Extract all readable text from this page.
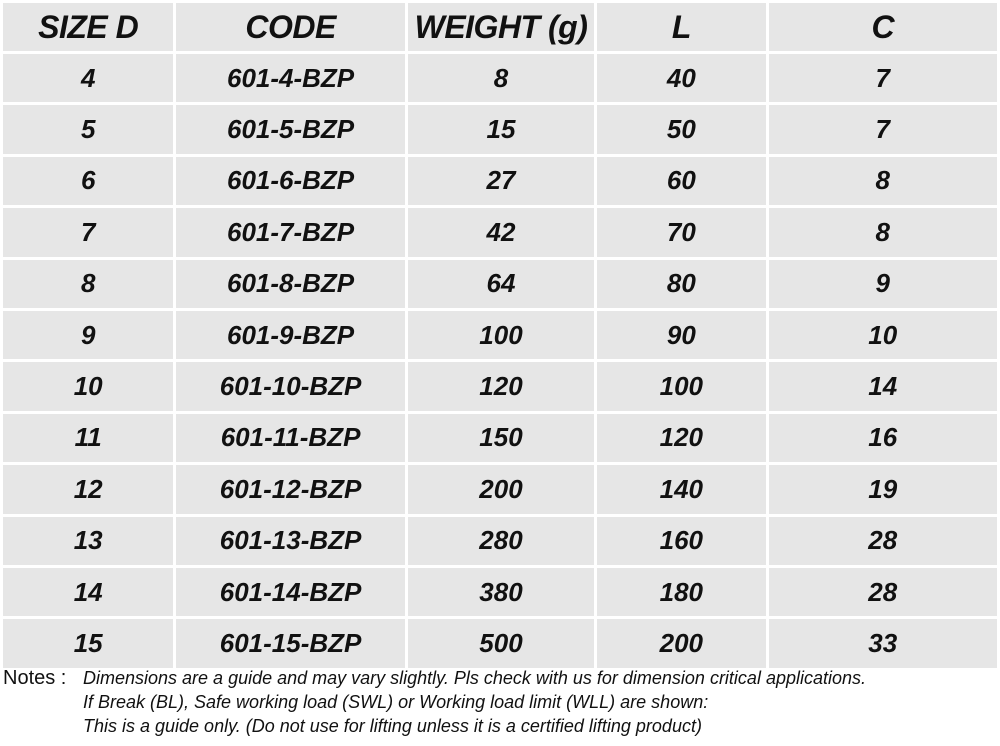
SIZE D	CODE	WEIGHT (g)	L	C
4	601-4-BZP	8	40	7
5	601-5-BZP	15	50	7
6	601-6-BZP	27	60	8
7	601-7-BZP	42	70	8
8	601-8-BZP	64	80	9
9	601-9-BZP	100	90	10
10	601-10-BZP	120	100	14
11	601-11-BZP	150	120	16
12	601-12-BZP	200	140	19
13	601-13-BZP	280	160	28
14	601-14-BZP	380	180	28
15	601-15-BZP	500	200	33
Notes : Dimensions are a guide and may vary slightly. Pls check with us for dimension critical applications.
If Break (BL), Safe working load (SWL) or Working load limit (WLL) are shown:
This is a guide only. (Do not use for lifting unless it is a certified lifting product)
